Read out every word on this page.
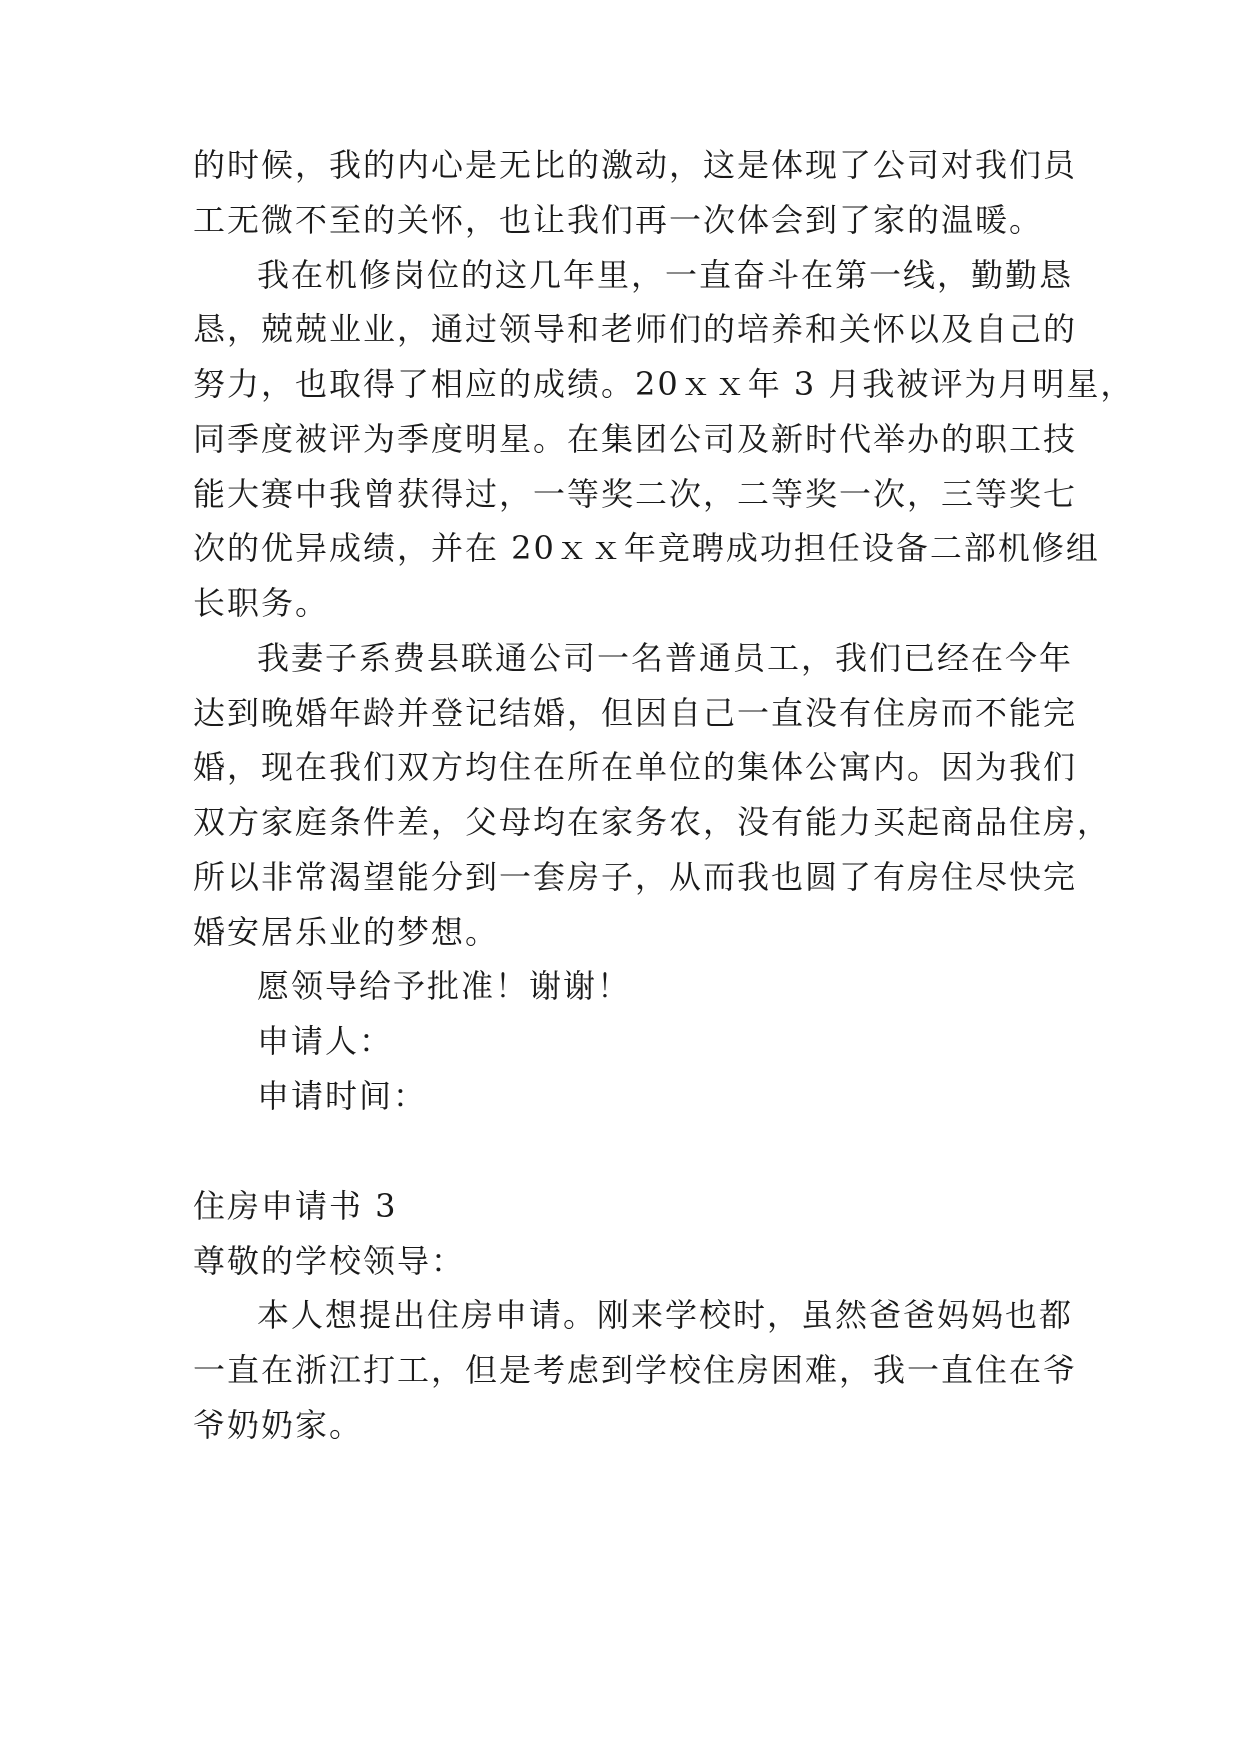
的时候，我的内心是无比的激动，这是体现了公司对我们员
工无微不至的关怀，也让我们再一次体会到了家的温暖。
我在机修岗位的这几年里，一直奋斗在第一线，勤勤恳
恳，兢兢业业，通过领导和老师们的培养和关怀以及自己的
努力，也取得了相应的成绩。20ｘｘ年 3 月我被评为月明星，
同季度被评为季度明星。在集团公司及新时代举办的职工技
能大赛中我曾获得过，一等奖二次，二等奖一次，三等奖七
次的优异成绩，并在 20ｘｘ年竞聘成功担任设备二部机修组
长职务。
我妻子系费县联通公司一名普通员工，我们已经在今年
达到晚婚年龄并登记结婚，但因自己一直没有住房而不能完
婚，现在我们双方均住在所在单位的集体公寓内。因为我们
双方家庭条件差，父母均在家务农，没有能力买起商品住房，
所以非常渴望能分到一套房子，从而我也圆了有房住尽快完
婚安居乐业的梦想。
愿领导给予批准！谢谢！
申请人：
申请时间：
住房申请书 3
尊敬的学校领导：
本人想提出住房申请。刚来学校时，虽然爸爸妈妈也都
一直在浙江打工，但是考虑到学校住房困难，我一直住在爷
爷奶奶家。
